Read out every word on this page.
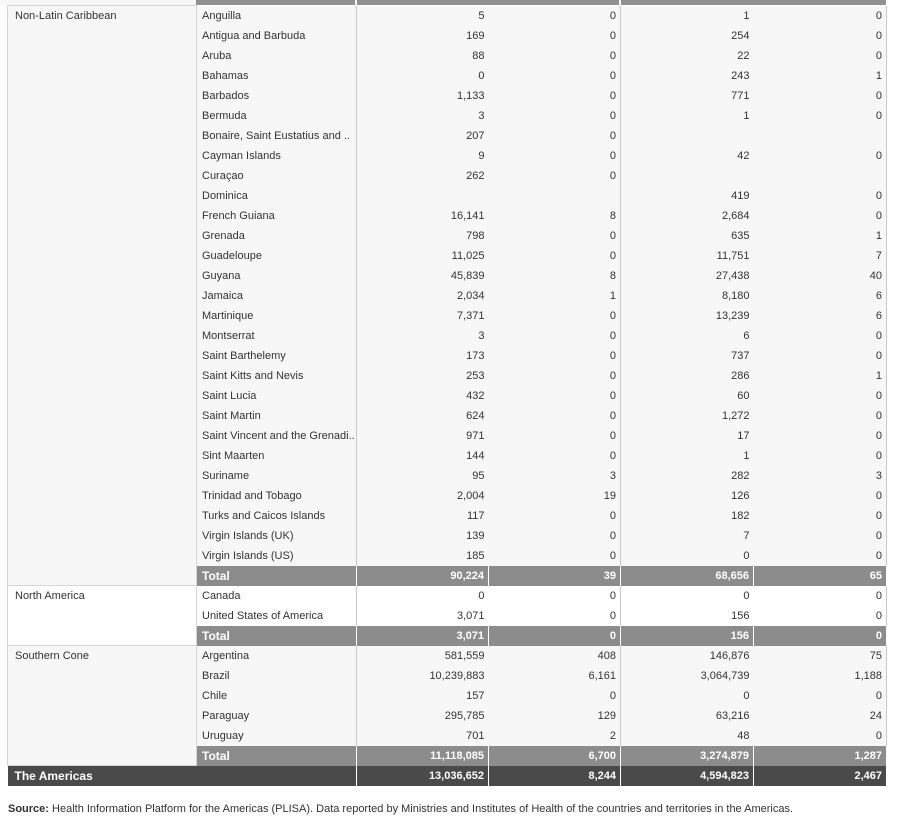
Non-Latin Caribbean	Anguilla	5	0	1	0
	Antigua and Barbuda	169	0	254	0
	Aruba	88	0	22	0
	Bahamas	0	0	243	1
	Barbados	1,133	0	771	0
	Bermuda	3	0	1	0
	Bonaire, Saint Eustatius and ..	207	0		
	Cayman Islands	9	0	42	0
	Curaçao	262	0		
	Dominica			419	0
	French Guiana	16,141	8	2,684	0
	Grenada	798	0	635	1
	Guadeloupe	11,025	0	11,751	7
	Guyana	45,839	8	27,438	40
	Jamaica	2,034	1	8,180	6
	Martinique	7,371	0	13,239	6
	Montserrat	3	0	6	0
	Saint Barthelemy	173	0	737	0
	Saint Kitts and Nevis	253	0	286	1
	Saint Lucia	432	0	60	0
	Saint Martin	624	0	1,272	0
	Saint Vincent and the Grenadi..	971	0	17	0
	Sint Maarten	144	0	1	0
	Suriname	95	3	282	3
	Trinidad and Tobago	2,004	19	126	0
	Turks and Caicos Islands	117	0	182	0
	Virgin Islands (UK)	139	0	7	0
	Virgin Islands (US)	185	0	0	0
	Total	90,224	39	68,656	65
North America	Canada	0	0	0	0
	United States of America	3,071	0	156	0
	Total	3,071	0	156	0
Southern Cone	Argentina	581,559	408	146,876	75
	Brazil	10,239,883	6,161	3,064,739	1,188
	Chile	157	0	0	0
	Paraguay	295,785	129	63,216	24
	Uruguay	701	2	48	0
	Total	11,118,085	6,700	3,274,879	1,287
The Americas		13,036,652	8,244	4,594,823	2,467
Source: Health Information Platform for the Americas (PLISA). Data reported by Ministries and Institutes of Health of the countries and territories in the Americas.
